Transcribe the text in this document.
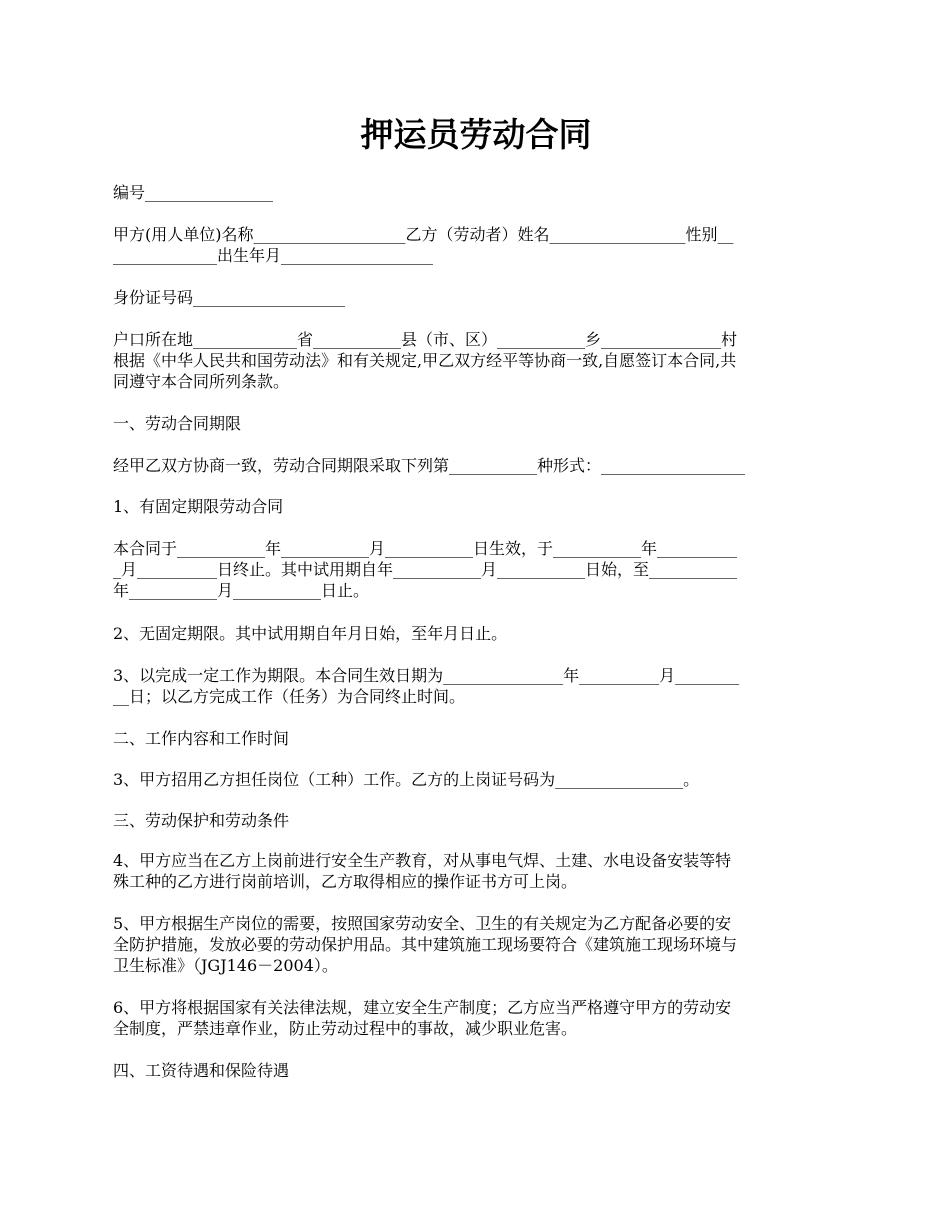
押运员劳动合同

编号________________

甲方(用人单位)名称___________________乙方（劳动者）姓名_________________性别__
_____________出生年月___________________

身份证号码___________________

户口所在地_____________省___________县（市、区）___________乡_______________村
根据《中华人民共和国劳动法》和有关规定,甲乙双方经平等协商一致,自愿签订本合同,共
同遵守本合同所列条款。

一、劳动合同期限

经甲乙双方协商一致，劳动合同期限采取下列第___________种形式：__________________

1、有固定期限劳动合同

本合同于___________年___________月___________日生效，于___________年__________
_月__________日终止。其中试用期自年___________月___________日始，至___________
年___________月___________日止。

2、无固定期限。其中试用期自年月日始，至年月日止。

3、以完成一定工作为期限。本合同生效日期为_______________年__________月________
__日；以乙方完成工作（任务）为合同终止时间。

二、工作内容和工作时间

3、甲方招用乙方担任岗位（工种）工作。乙方的上岗证号码为________________。

三、劳动保护和劳动条件

4、甲方应当在乙方上岗前进行安全生产教育，对从事电气焊、土建、水电设备安装等特
殊工种的乙方进行岗前培训，乙方取得相应的操作证书方可上岗。

5、甲方根据生产岗位的需要，按照国家劳动安全、卫生的有关规定为乙方配备必要的安
全防护措施，发放必要的劳动保护用品。其中建筑施工现场要符合《建筑施工现场环境与
卫生标准》（JGJ146－2004）。

6、甲方将根据国家有关法律法规，建立安全生产制度；乙方应当严格遵守甲方的劳动安
全制度，严禁违章作业，防止劳动过程中的事故，减少职业危害。

四、工资待遇和保险待遇
